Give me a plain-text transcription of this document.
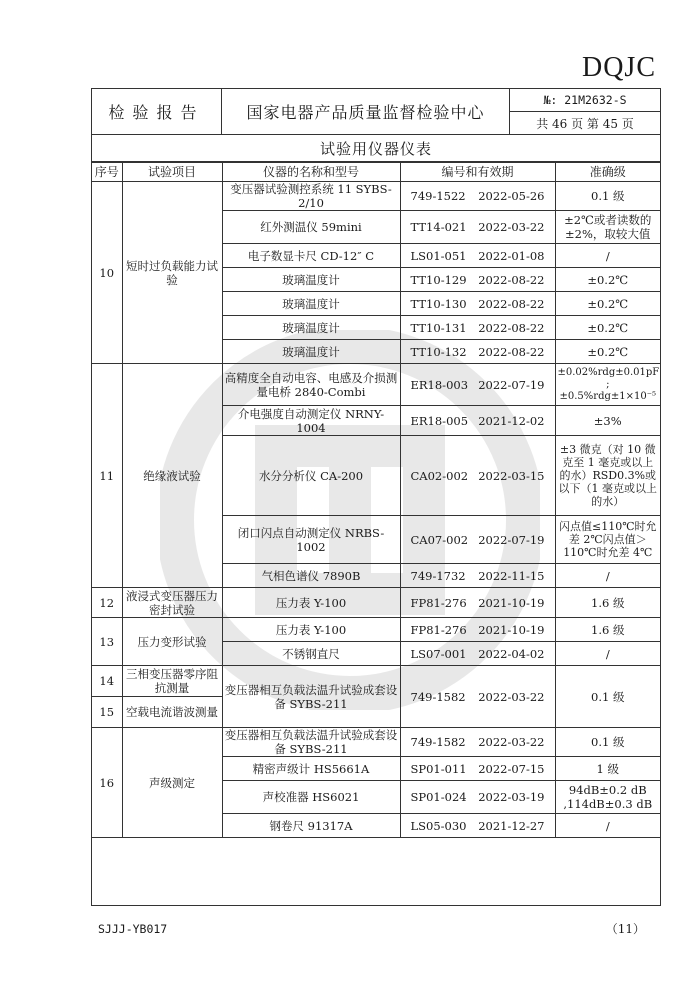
DQJC
检验报告	国家电器产品质量监督检验中心
№: 21M2632-S
共 46 页 第 45 页
试验用仪器仪表
序号	试验项目	仪器的名称和型号	编号和有效期	准确级
10	短时过负载能力试验	变压器试验测控系统 11 SYBS-2/10	749-1522 2022-05-26	0.1 级
		红外测温仪 59mini	TT14-021 2022-03-22	±2℃或者读数的±2%，取较大值
		电子数显卡尺 CD-12″ C	LS01-051 2022-01-08	/
		玻璃温度计	TT10-129 2022-08-22	±0.2℃
		玻璃温度计	TT10-130 2022-08-22	±0.2℃
		玻璃温度计	TT10-131 2022-08-22	±0.2℃
		玻璃温度计	TT10-132 2022-08-22	±0.2℃
11	绝缘液试验	高精度全自动电容、电感及介损测量电桥 2840-Combi	ER18-003 2022-07-19	±0.02%rdg±0.01pF ; ±0.5%rdg±1×10⁻⁵
		介电强度自动测定仪 NRNY-1004	ER18-005 2021-12-02	±3%
		水分分析仪 CA-200	CA02-002 2022-03-15	±3 微克（对 10 微克至 1 毫克或以上的水）RSD0.3%或以下（1 毫克或以上的水）
		闭口闪点自动测定仪 NRBS-1002	CA07-002 2022-07-19	闪点值≤110℃时允差 2℃闪点值＞110℃时允差 4℃
		气相色谱仪 7890B	749-1732 2022-11-15	/
12	液浸式变压器压力密封试验	压力表 Y-100	FP81-276 2021-10-19	1.6 级
13	压力变形试验	压力表 Y-100	FP81-276 2021-10-19	1.6 级
		不锈钢直尺	LS07-001 2022-04-02	/
14	三相变压器零序阻抗测量	变压器相互负载法温升试验成套设备 SYBS-211	749-1582 2022-03-22	0.1 级
15	空载电流谐波测量			
16	声级测定	变压器相互负载法温升试验成套设备 SYBS-211	749-1582 2022-03-22	0.1 级
		精密声级计 HS5661A	SP01-011 2022-07-15	1 级
		声校准器 HS6021	SP01-024 2022-03-19	94dB±0.2 dB ,114dB±0.3 dB
		钢卷尺 91317A	LS05-030 2021-12-27	/
SJJJ-YB017	（11）
